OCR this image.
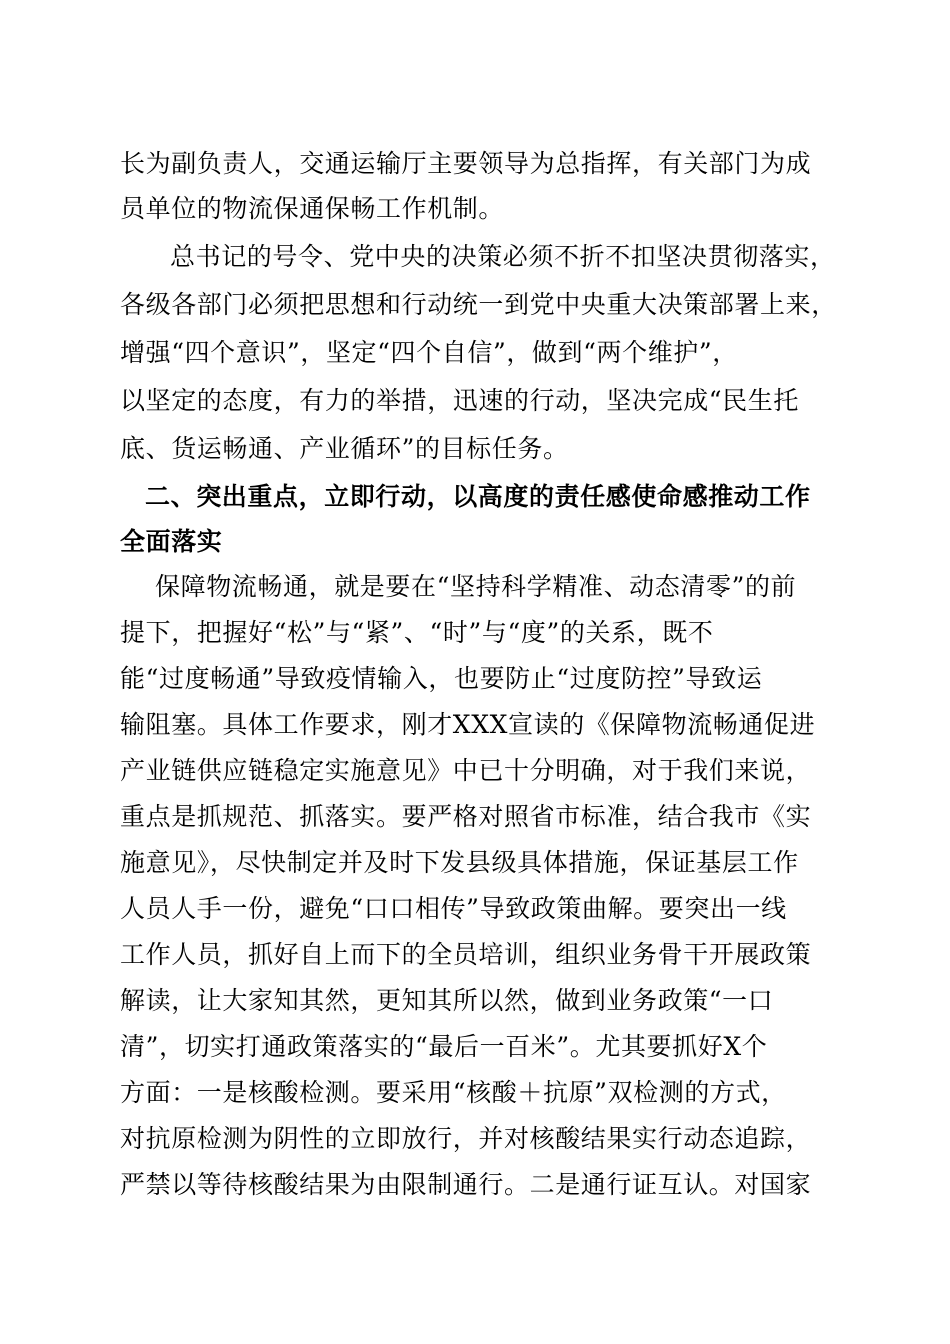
长为副负责人，交通运输厅主要领导为总指挥，有关部门为成
员单位的物流保通保畅工作机制。
总书记的号令、党中央的决策必须不折不扣坚决贯彻落实，
各级各部门必须把思想和行动统一到党中央重大决策部署上来，
增强“四个意识”，坚定“四个自信”，做到“两个维护”，
以坚定的态度，有力的举措，迅速的行动，坚决完成“民生托
底、货运畅通、产业循环”的目标任务。
二、突出重点，立即行动，以高度的责任感使命感推动工作
全面落实
保障物流畅通，就是要在“坚持科学精准、动态清零”的前
提下，把握好“松”与“紧”、“时”与“度”的关系，既不
能“过度畅通”导致疫情输入，也要防止“过度防控”导致运
输阻塞。具体工作要求，刚才XXX宣读的《保障物流畅通促进
产业链供应链稳定实施意见》中已十分明确，对于我们来说，
重点是抓规范、抓落实。要严格对照省市标准，结合我市《实
施意见》，尽快制定并及时下发县级具体措施，保证基层工作
人员人手一份，避免“口口相传”导致政策曲解。要突出一线
工作人员，抓好自上而下的全员培训，组织业务骨干开展政策
解读，让大家知其然，更知其所以然，做到业务政策“一口
清”，切实打通政策落实的“最后一百米”。尤其要抓好X个
方面：一是核酸检测。要采用“核酸＋抗原”双检测的方式，
对抗原检测为阴性的立即放行，并对核酸结果实行动态追踪，
严禁以等待核酸结果为由限制通行。二是通行证互认。对国家
